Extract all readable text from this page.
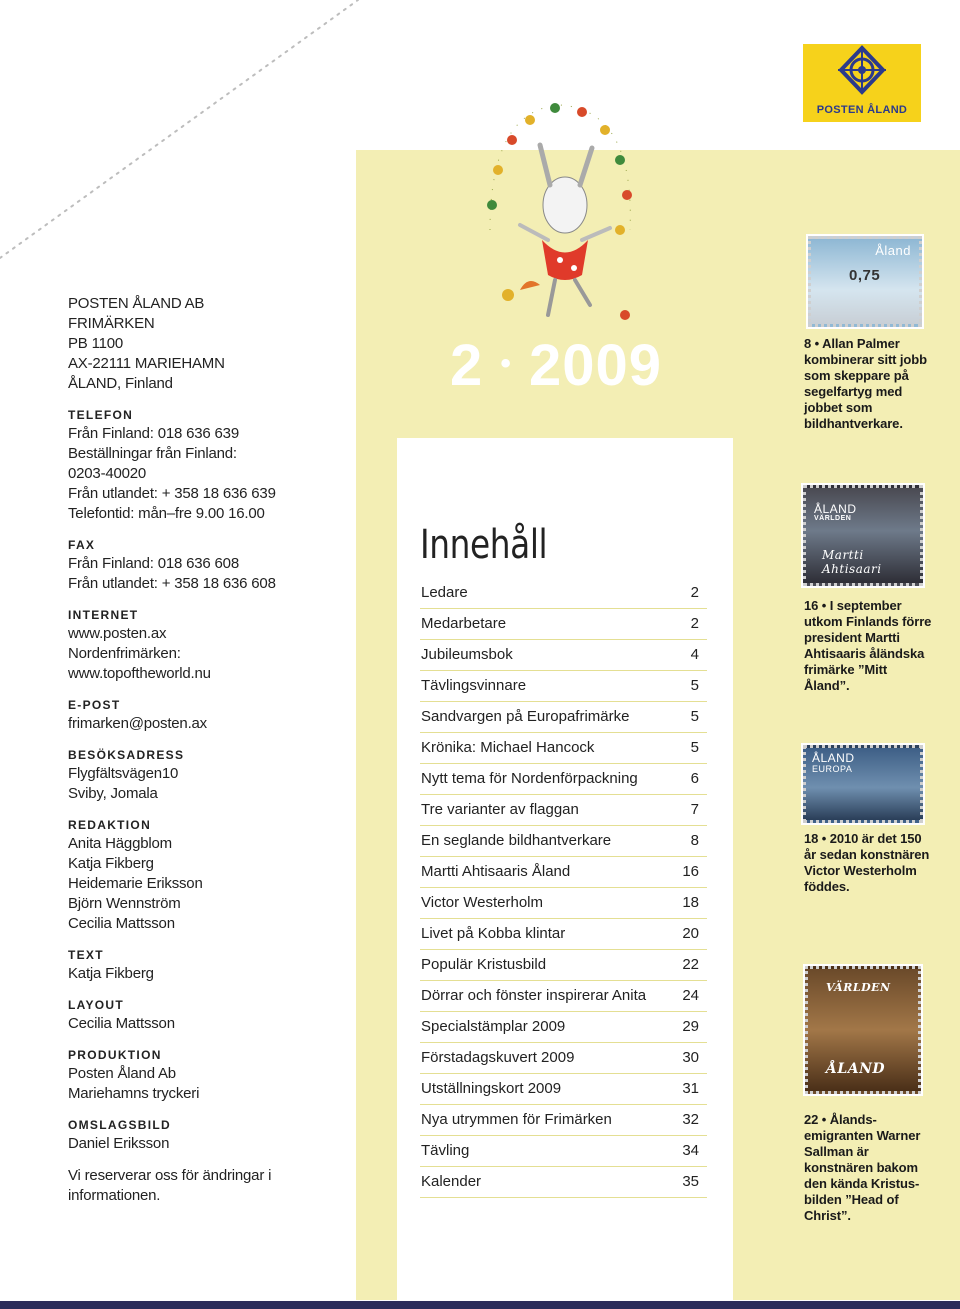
POSTEN ÅLAND
2 • 2009
POSTEN ÅLAND AB
FRIMÄRKEN
PB 1100
AX-22111 MARIEHAMN
ÅLAND, Finland
TELEFON
Från Finland: 018 636 639
Beställningar från Finland:
0203-40020
Från utlandet: + 358 18 636 639
Telefontid: mån–fre 9.00 16.00
FAX
Från Finland: 018 636 608
Från utlandet: + 358 18 636 608
INTERNET
www.posten.ax
Nordenfrimärken:
www.topoftheworld.nu
E-POST
frimarken@posten.ax
BESÖKSADRESS
Flygfältsvägen10
Sviby, Jomala
REDAKTION
Anita Häggblom
Katja Fikberg
Heidemarie Eriksson
Björn Wennström
Cecilia Mattsson
TEXT
Katja Fikberg
LAYOUT
Cecilia Mattsson
PRODUKTION
Posten Åland Ab
Mariehamns tryckeri
OMSLAGSBILD
Daniel Eriksson
Vi reserverar oss för ändringar i informationen.
Innehåll
Ledare	2
Medarbetare	2
Jubileumsbok	4
Tävlingsvinnare	5
Sandvargen på Europafrimärke	5
Krönika: Michael Hancock	5
Nytt tema för Nordenförpackning	6
Tre varianter av flaggan	7
En seglande bildhantverkare	8
Martti Ahtisaaris Åland	16
Victor Westerholm	18
Livet på Kobba klintar	20
Populär Kristusbild	22
Dörrar och fönster inspirerar Anita 24
Specialstämplar 2009	29
Förstadagskuvert 2009	30
Utställningskort 2009	31
Nya utrymmen för Frimärken	32
Tävling	34
Kalender	35
Åland
0,75
8 • Allan Palmer kombinerar sitt jobb som skeppare på segelfartyg med jobbet som bildhantverkare.
ÅLAND
VÄRLDEN
Martti Ahtisaari
16 • I september utkom Finlands förre president Martti Ahtisaaris åländska frimärke ”Mitt Åland”.
ÅLAND
EUROPA
18 • 2010 är det 150 år sedan konstnären Victor Westerholm föddes.
VÄRLDEN
ÅLAND
22 • Ålands-emigranten Warner Sallman är konstnären bakom den kända Kristus-bilden ”Head of Christ”.
